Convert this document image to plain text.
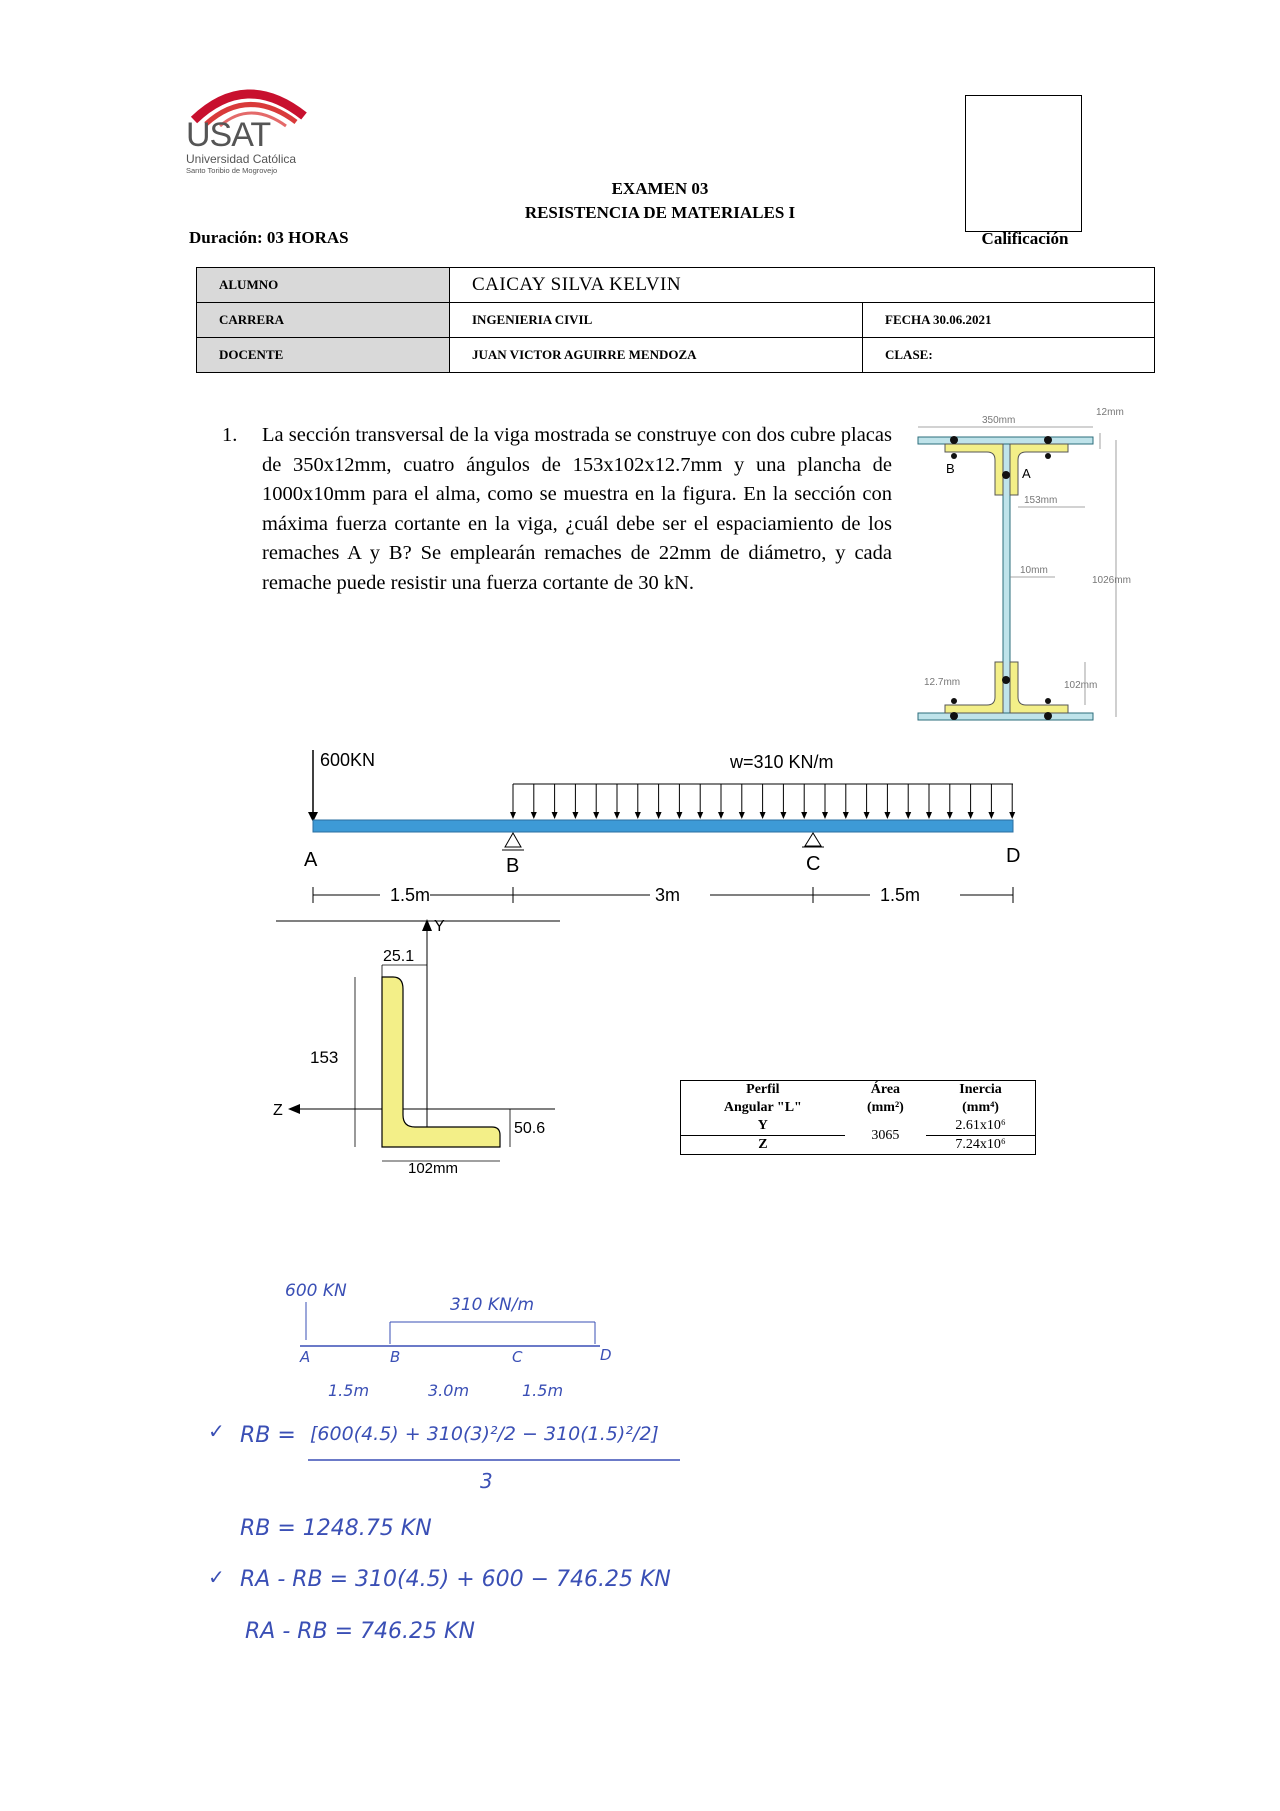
USAT
Universidad Católica
Santo Toribio de Mogrovejo
EXAMEN 03
RESISTENCIA DE MATERIALES I
Duración: 03 HORAS	Calificación
ALUMNO	CAICAY SILVA KELVIN	
CARRERA	INGENIERIA CIVIL	FECHA 30.06.2021
DOCENTE	JUAN VICTOR AGUIRRE MENDOZA	CLASE:
1. La sección transversal de la viga mostrada se construye con dos cubre placas de 350x12mm, cuatro ángulos de 153x102x12.7mm y una plancha de 1000x10mm para el alma, como se muestra en la figura. En la sección con máxima fuerza cortante en la viga, ¿cuál debe ser el espaciamiento de los remaches A y B? Se emplearán remaches de 22mm de diámetro, y cada remache puede resistir una fuerza cortante de 30 kN.
350mm
12mm
B	A
153mm
10mm
1026mm
12.7mm	102mm
600KN	w=310 KN/m
A	B	C	D
1.5m	3m	1.5m
Y
Z
25.1
153
50.6
102mm
Perfil	Área	Inercia
Angular "L"	(mm²)	(mm⁴)
Y	3065	2.61x10⁶
Z		7.24x10⁶
600 KN
310 KN/m
A	B	C	D
1.5m	3.0m	1.5m
✓ RB = [600(4.5) + 310(3)²/2 − 310(1.5)²/2]
3
RB = 1248.75 KN
✓ RA - RB = 310(4.5) + 600 − 746.25 KN
RA - RB = 746.25 KN
